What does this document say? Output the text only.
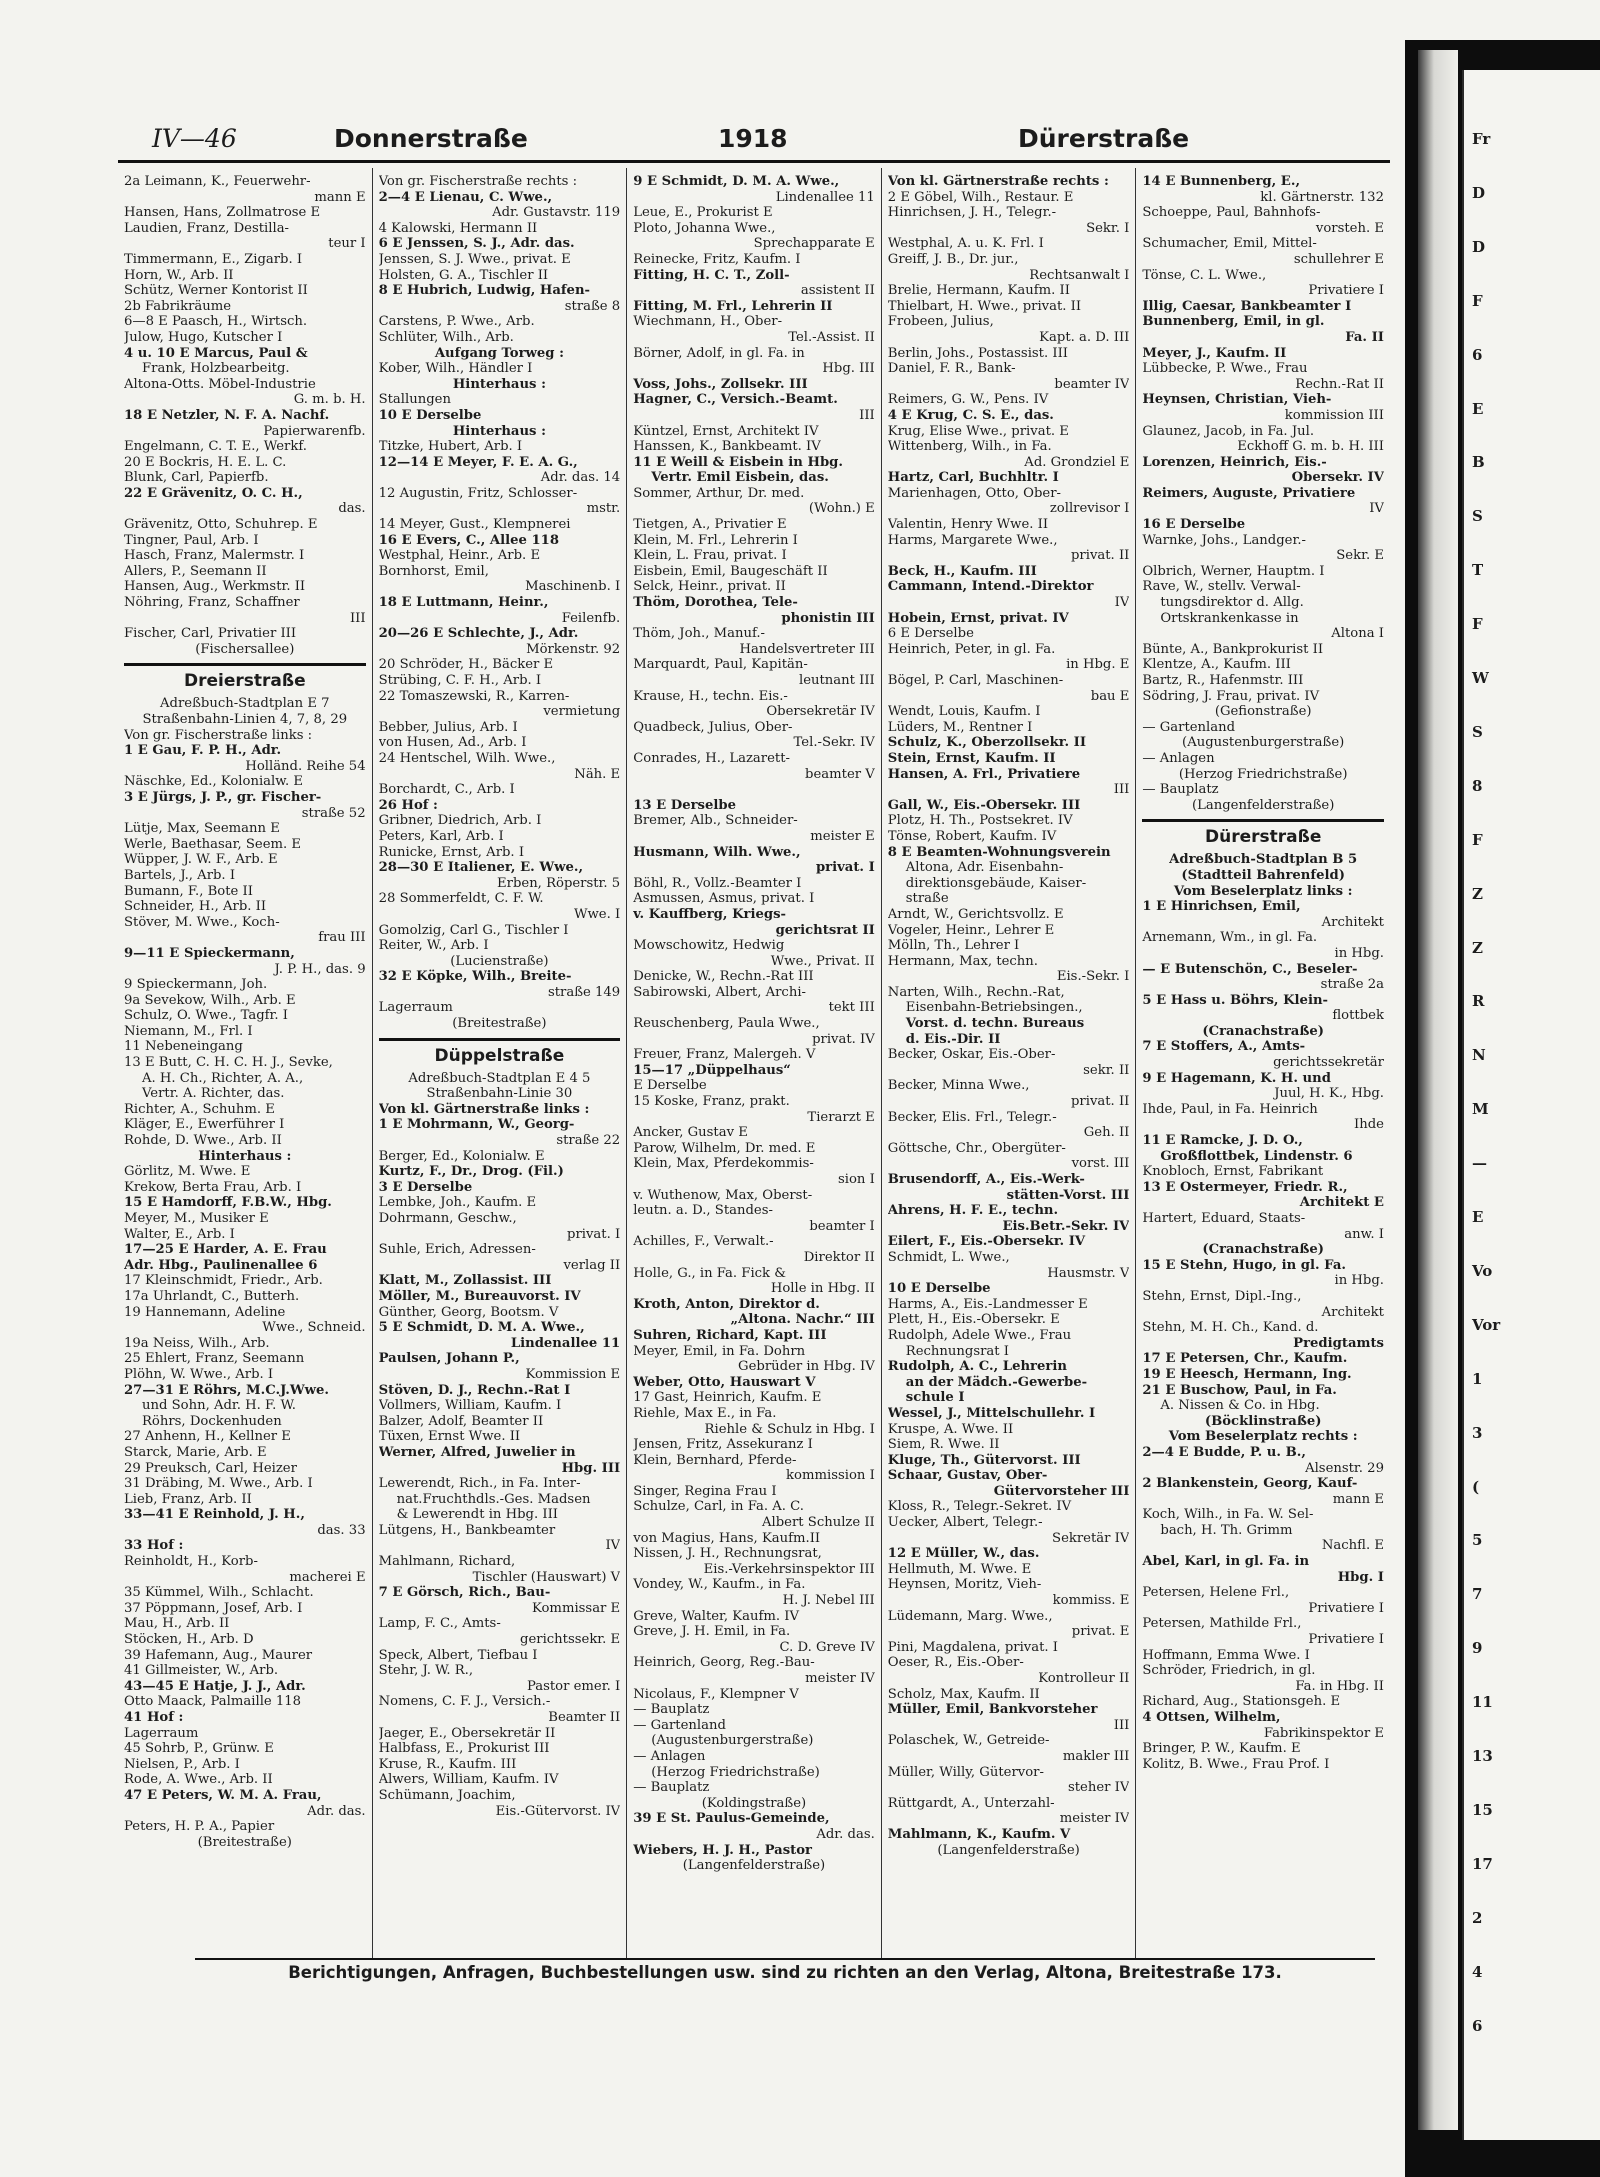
Fr
D
D
F
6
E
B
S
T
F
W
S
8
F
Z
Z
R
N
M
—
E
Vo
Vor
1
3
(
5
7
9
11
13
15
17
2
4
6
IV—46	Donnerstraße	1918	Dürerstraße
2a Leimann, K., Feuerwehr-
mann E
Hansen, Hans, Zollmatrose E
Laudien, Franz, Destilla-
teur I
Timmermann, E., Zigarb. I
Horn, W., Arb. II
Schütz, Werner Kontorist II
2b Fabrikräume
6—8 E Paasch, H., Wirtsch.
Julow, Hugo, Kutscher I
4 u. 10 E Marcus, Paul &
Frank, Holzbearbeitg.
Altona-Otts. Möbel-Industrie
G. m. b. H.
18 E Netzler, N. F. A. Nachf.
Papierwarenfb.
Engelmann, C. T. E., Werkf.
20 E Bockris, H. E. L. C.
Blunk, Carl, Papierfb.
22 E Grävenitz, O. C. H.,
das.
Grävenitz, Otto, Schuhrep. E
Tingner, Paul, Arb. I
Hasch, Franz, Malermstr. I
Allers, P., Seemann II
Hansen, Aug., Werkmstr. II
Nöhring, Franz, Schaffner
III
Fischer, Carl, Privatier III
(Fischersallee)
Dreierstraße
Adreßbuch-Stadtplan E 7
Straßenbahn-Linien 4, 7, 8, 29
Von gr. Fischerstraße links :
1 E Gau, F. P. H., Adr.
Holländ. Reihe 54
Näschke, Ed., Kolonialw. E
3 E Jürgs, J. P., gr. Fischer-
straße 52
Lütje, Max, Seemann E
Werle, Baethasar, Seem. E
Wüpper, J. W. F., Arb. E
Bartels, J., Arb. I
Bumann, F., Bote II
Schneider, H., Arb. II
Stöver, M. Wwe., Koch-
frau III
9—11 E Spieckermann,
J. P. H., das. 9
9 Spieckermann, Joh.
9a Sevekow, Wilh., Arb. E
Schulz, O. Wwe., Tagfr. I
Niemann, M., Frl. I
11 Nebeneingang
13 E Butt, C. H. C. H. J., Sevke,
A. H. Ch., Richter, A. A.,
Vertr. A. Richter, das.
Richter, A., Schuhm. E
Kläger, E., Ewerführer I
Rohde, D. Wwe., Arb. II
Hinterhaus :
Görlitz, M. Wwe. E
Krekow, Berta Frau, Arb. I
15 E Hamdorff, F.B.W., Hbg.
Meyer, M., Musiker E
Walter, E., Arb. I
17—25 E Harder, A. E. Frau
Adr. Hbg., Paulinenallee 6
17 Kleinschmidt, Friedr., Arb.
17a Uhrlandt, C., Butterh.
19 Hannemann, Adeline
Wwe., Schneid.
19a Neiss, Wilh., Arb.
25 Ehlert, Franz, Seemann
Plöhn, W. Wwe., Arb. I
27—31 E Röhrs, M.C.J.Wwe.
und Sohn, Adr. H. F. W.
Röhrs, Dockenhuden
27 Anhenn, H., Kellner E
Starck, Marie, Arb. E
29 Preuksch, Carl, Heizer
31 Dräbing, M. Wwe., Arb. I
Lieb, Franz, Arb. II
33—41 E Reinhold, J. H.,
das. 33
33 Hof :
Reinholdt, H., Korb-
macherei E
35 Kümmel, Wilh., Schlacht.
37 Pöppmann, Josef, Arb. I
Mau, H., Arb. II
Stöcken, H., Arb. D
39 Hafemann, Aug., Maurer
41 Gillmeister, W., Arb.
43—45 E Hatje, J. J., Adr.
Otto Maack, Palmaille 118
41 Hof :
Lagerraum
45 Sohrb, P., Grünw. E
Nielsen, P., Arb. I
Rode, A. Wwe., Arb. II
47 E Peters, W. M. A. Frau,
Adr. das.
Peters, H. P. A., Papier
(Breitestraße)
Von gr. Fischerstraße rechts :
2—4 E Lienau, C. Wwe.,
Adr. Gustavstr. 119
4 Kalowski, Hermann II
6 E Jenssen, S. J., Adr. das.
Jenssen, S. J. Wwe., privat. E
Holsten, G. A., Tischler II
8 E Hubrich, Ludwig, Hafen-
straße 8
Carstens, P. Wwe., Arb.
Schlüter, Wilh., Arb.
Aufgang Torweg :
Kober, Wilh., Händler I
Hinterhaus :
Stallungen
10 E Derselbe
Hinterhaus :
Titzke, Hubert, Arb. I
12—14 E Meyer, F. E. A. G.,
Adr. das. 14
12 Augustin, Fritz, Schlosser-
mstr.
14 Meyer, Gust., Klempnerei
16 E Evers, C., Allee 118
Westphal, Heinr., Arb. E
Bornhorst, Emil,
Maschinenb. I
18 E Luttmann, Heinr.,
Feilenfb.
20—26 E Schlechte, J., Adr.
Mörkenstr. 92
20 Schröder, H., Bäcker E
Strübing, C. F. H., Arb. I
22 Tomaszewski, R., Karren-
vermietung
Bebber, Julius, Arb. I
von Husen, Ad., Arb. I
24 Hentschel, Wilh. Wwe.,
Näh. E
Borchardt, C., Arb. I
26 Hof :
Gribner, Diedrich, Arb. I
Peters, Karl, Arb. I
Runicke, Ernst, Arb. I
28—30 E Italiener, E. Wwe.,
Erben, Röperstr. 5
28 Sommerfeldt, C. F. W.
Wwe. I
Gomolzig, Carl G., Tischler I
Reiter, W., Arb. I
(Lucienstraße)
32 E Köpke, Wilh., Breite-
straße 149
Lagerraum
(Breitestraße)
Düppelstraße
Adreßbuch-Stadtplan E 4 5
Straßenbahn-Linie 30
Von kl. Gärtnerstraße links :
1 E Mohrmann, W., Georg-
straße 22
Berger, Ed., Kolonialw. E
Kurtz, F., Dr., Drog. (Fil.)
3 E Derselbe
Lembke, Joh., Kaufm. E
Dohrmann, Geschw.,
privat. I
Suhle, Erich, Adressen-
verlag II
Klatt, M., Zollassist. III
Möller, M., Bureauvorst. IV
Günther, Georg, Bootsm. V
5 E Schmidt, D. M. A. Wwe.,
Lindenallee 11
Paulsen, Johann P.,
Kommission E
Stöven, D. J., Rechn.-Rat I
Vollmers, William, Kaufm. I
Balzer, Adolf, Beamter II
Tüxen, Ernst Wwe. II
Werner, Alfred, Juwelier in
Hbg. III
Lewerendt, Rich., in Fa. Inter-
nat.Fruchthdls.-Ges. Madsen
& Lewerendt in Hbg. III
Lütgens, H., Bankbeamter
IV
Mahlmann, Richard,
Tischler (Hauswart) V
7 E Görsch, Rich., Bau-
Kommissar E
Lamp, F. C., Amts-
gerichtssekr. E
Speck, Albert, Tiefbau I
Stehr, J. W. R.,
Pastor emer. I
Nomens, C. F. J., Versich.-
Beamter II
Jaeger, E., Obersekretär II
Halbfass, E., Prokurist III
Kruse, R., Kaufm. III
Alwers, William, Kaufm. IV
Schümann, Joachim,
Eis.-Gütervorst. IV
9 E Schmidt, D. M. A. Wwe.,
Lindenallee 11
Leue, E., Prokurist E
Ploto, Johanna Wwe.,
Sprechapparate E
Reinecke, Fritz, Kaufm. I
Fitting, H. C. T., Zoll-
assistent II
Fitting, M. Frl., Lehrerin II
Wiechmann, H., Ober-
Tel.-Assist. II
Börner, Adolf, in gl. Fa. in
Hbg. III
Voss, Johs., Zollsekr. III
Hagner, C., Versich.-Beamt.
III
Küntzel, Ernst, Architekt IV
Hanssen, K., Bankbeamt. IV
11 E Weill & Eisbein in Hbg.
Vertr. Emil Eisbein, das.
Sommer, Arthur, Dr. med.
(Wohn.) E
Tietgen, A., Privatier E
Klein, M. Frl., Lehrerin I
Klein, L. Frau, privat. I
Eisbein, Emil, Baugeschäft II
Selck, Heinr., privat. II
Thöm, Dorothea, Tele-
phonistin III
Thöm, Joh., Manuf.-
Handelsvertreter III
Marquardt, Paul, Kapitän-
leutnant III
Krause, H., techn. Eis.-
Obersekretär IV
Quadbeck, Julius, Ober-
Tel.-Sekr. IV
Conrades, H., Lazarett-
beamter V
13 E Derselbe
Bremer, Alb., Schneider-
meister E
Husmann, Wilh. Wwe.,
privat. I
Böhl, R., Vollz.-Beamter I
Asmussen, Asmus, privat. I
v. Kauffberg, Kriegs-
gerichtsrat II
Mowschowitz, Hedwig
Wwe., Privat. II
Denicke, W., Rechn.-Rat III
Sabirowski, Albert, Archi-
tekt III
Reuschenberg, Paula Wwe.,
privat. IV
Freuer, Franz, Malergeh. V
15—17 „Düppelhaus“
E Derselbe
15 Koske, Franz, prakt.
Tierarzt E
Ancker, Gustav E
Parow, Wilhelm, Dr. med. E
Klein, Max, Pferdekommis-
sion I
v. Wuthenow, Max, Oberst-
leutn. a. D., Standes-
beamter I
Achilles, F., Verwalt.-
Direktor II
Holle, G., in Fa. Fick &
Holle in Hbg. II
Kroth, Anton, Direktor d.
„Altona. Nachr.“ III
Suhren, Richard, Kapt. III
Meyer, Emil, in Fa. Dohrn
Gebrüder in Hbg. IV
Weber, Otto, Hauswart V
17 Gast, Heinrich, Kaufm. E
Riehle, Max E., in Fa.
Riehle & Schulz in Hbg. I
Jensen, Fritz, Assekuranz I
Klein, Bernhard, Pferde-
kommission I
Singer, Regina Frau I
Schulze, Carl, in Fa. A. C.
Albert Schulze II
von Magius, Hans, Kaufm.II
Nissen, J. H., Rechnungsrat,
Eis.-Verkehrsinspektor III
Vondey, W., Kaufm., in Fa.
H. J. Nebel III
Greve, Walter, Kaufm. IV
Greve, J. H. Emil, in Fa.
C. D. Greve IV
Heinrich, Georg, Reg.-Bau-
meister IV
Nicolaus, F., Klempner V
— Bauplatz
— Gartenland
(Augustenburgerstraße)
— Anlagen
(Herzog Friedrichstraße)
— Bauplatz
(Koldingstraße)
39 E St. Paulus-Gemeinde,
Adr. das.
Wiebers, H. J. H., Pastor
(Langenfelderstraße)
Von kl. Gärtnerstraße rechts :
2 E Göbel, Wilh., Restaur. E
Hinrichsen, J. H., Telegr.-
Sekr. I
Westphal, A. u. K. Frl. I
Greiff, J. B., Dr. jur.,
Rechtsanwalt I
Brelie, Hermann, Kaufm. II
Thielbart, H. Wwe., privat. II
Frobeen, Julius,
Kapt. a. D. III
Berlin, Johs., Postassist. III
Daniel, F. R., Bank-
beamter IV
Reimers, G. W., Pens. IV
4 E Krug, C. S. E., das.
Krug, Elise Wwe., privat. E
Wittenberg, Wilh., in Fa.
Ad. Grondziel E
Hartz, Carl, Buchhltr. I
Marienhagen, Otto, Ober-
zollrevisor I
Valentin, Henry Wwe. II
Harms, Margarete Wwe.,
privat. II
Beck, H., Kaufm. III
Cammann, Intend.-Direktor
IV
Hobein, Ernst, privat. IV
6 E Derselbe
Heinrich, Peter, in gl. Fa.
in Hbg. E
Bögel, P. Carl, Maschinen-
bau E
Wendt, Louis, Kaufm. I
Lüders, M., Rentner I
Schulz, K., Oberzollsekr. II
Stein, Ernst, Kaufm. II
Hansen, A. Frl., Privatiere
III
Gall, W., Eis.-Obersekr. III
Plotz, H. Th., Postsekret. IV
Tönse, Robert, Kaufm. IV
8 E Beamten-Wohnungsverein
Altona, Adr. Eisenbahn-
direktionsgebäude, Kaiser-
straße
Arndt, W., Gerichtsvollz. E
Vogeler, Heinr., Lehrer E
Mölln, Th., Lehrer I
Hermann, Max, techn.
Eis.-Sekr. I
Narten, Wilh., Rechn.-Rat,
Eisenbahn-Betriebsingen.,
Vorst. d. techn. Bureaus
d. Eis.-Dir. II
Becker, Oskar, Eis.-Ober-
sekr. II
Becker, Minna Wwe.,
privat. II
Becker, Elis. Frl., Telegr.-
Geh. II
Göttsche, Chr., Obergüter-
vorst. III
Brusendorff, A., Eis.-Werk-
stätten-Vorst. III
Ahrens, H. F. E., techn.
Eis.Betr.-Sekr. IV
Eilert, F., Eis.-Obersekr. IV
Schmidt, L. Wwe.,
Hausmstr. V
10 E Derselbe
Harms, A., Eis.-Landmesser E
Plett, H., Eis.-Obersekr. E
Rudolph, Adele Wwe., Frau
Rechnungsrat I
Rudolph, A. C., Lehrerin
an der Mädch.-Gewerbe-
schule I
Wessel, J., Mittelschullehr. I
Kruspe, A. Wwe. II
Siem, R. Wwe. II
Kluge, Th., Gütervorst. III
Schaar, Gustav, Ober-
Gütervorsteher III
Kloss, R., Telegr.-Sekret. IV
Uecker, Albert, Telegr.-
Sekretär IV
12 E Müller, W., das.
Hellmuth, M. Wwe. E
Heynsen, Moritz, Vieh-
kommiss. E
Lüdemann, Marg. Wwe.,
privat. E
Pini, Magdalena, privat. I
Oeser, R., Eis.-Ober-
Kontrolleur II
Scholz, Max, Kaufm. II
Müller, Emil, Bankvorsteher
III
Polaschek, W., Getreide-
makler III
Müller, Willy, Gütervor-
steher IV
Rüttgardt, A., Unterzahl-
meister IV
Mahlmann, K., Kaufm. V
(Langenfelderstraße)
14 E Bunnenberg, E.,
kl. Gärtnerstr. 132
Schoeppe, Paul, Bahnhofs-
vorsteh. E
Schumacher, Emil, Mittel-
schullehrer E
Tönse, C. L. Wwe.,
Privatiere I
Illig, Caesar, Bankbeamter I
Bunnenberg, Emil, in gl.
Fa. II
Meyer, J., Kaufm. II
Lübbecke, P. Wwe., Frau
Rechn.-Rat II
Heynsen, Christian, Vieh-
kommission III
Glaunez, Jacob, in Fa. Jul.
Eckhoff G. m. b. H. III
Lorenzen, Heinrich, Eis.-
Obersekr. IV
Reimers, Auguste, Privatiere
IV
16 E Derselbe
Warnke, Johs., Landger.-
Sekr. E
Olbrich, Werner, Hauptm. I
Rave, W., stellv. Verwal-
tungsdirektor d. Allg.
Ortskrankenkasse in
Altona I
Bünte, A., Bankprokurist II
Klentze, A., Kaufm. III
Bartz, R., Hafenmstr. III
Södring, J. Frau, privat. IV
(Gefionstraße)
— Gartenland
(Augustenburgerstraße)
— Anlagen
(Herzog Friedrichstraße)
— Bauplatz
(Langenfelderstraße)
Dürerstraße
Adreßbuch-Stadtplan B 5
(Stadtteil Bahrenfeld)
Vom Beselerplatz links :
1 E Hinrichsen, Emil,
Architekt
Arnemann, Wm., in gl. Fa.
in Hbg.
— E Butenschön, C., Beseler-
straße 2a
5 E Hass u. Böhrs, Klein-
flottbek
(Cranachstraße)
7 E Stoffers, A., Amts-
gerichtssekretär
9 E Hagemann, K. H. und
Juul, H. K., Hbg.
Ihde, Paul, in Fa. Heinrich
Ihde
11 E Ramcke, J. D. O.,
Großflottbek, Lindenstr. 6
Knobloch, Ernst, Fabrikant
13 E Ostermeyer, Friedr. R.,
Architekt E
Hartert, Eduard, Staats-
anw. I
(Cranachstraße)
15 E Stehn, Hugo, in gl. Fa.
in Hbg.
Stehn, Ernst, Dipl.-Ing.,
Architekt
Stehn, M. H. Ch., Kand. d.
Predigtamts
17 E Petersen, Chr., Kaufm.
19 E Heesch, Hermann, Ing.
21 E Buschow, Paul, in Fa.
A. Nissen & Co. in Hbg.
(Böcklinstraße)
Vom Beselerplatz rechts :
2—4 E Budde, P. u. B.,
Alsenstr. 29
2 Blankenstein, Georg, Kauf-
mann E
Koch, Wilh., in Fa. W. Sel-
bach, H. Th. Grimm
Nachfl. E
Abel, Karl, in gl. Fa. in
Hbg. I
Petersen, Helene Frl.,
Privatiere I
Petersen, Mathilde Frl.,
Privatiere I
Hoffmann, Emma Wwe. I
Schröder, Friedrich, in gl.
Fa. in Hbg. II
Richard, Aug., Stationsgeh. E
4 Ottsen, Wilhelm,
Fabrikinspektor E
Bringer, P. W., Kaufm. E
Kolitz, B. Wwe., Frau Prof. I
Berichtigungen, Anfragen, Buchbestellungen usw. sind zu richten an den Verlag, Altona, Breitestraße 173.
